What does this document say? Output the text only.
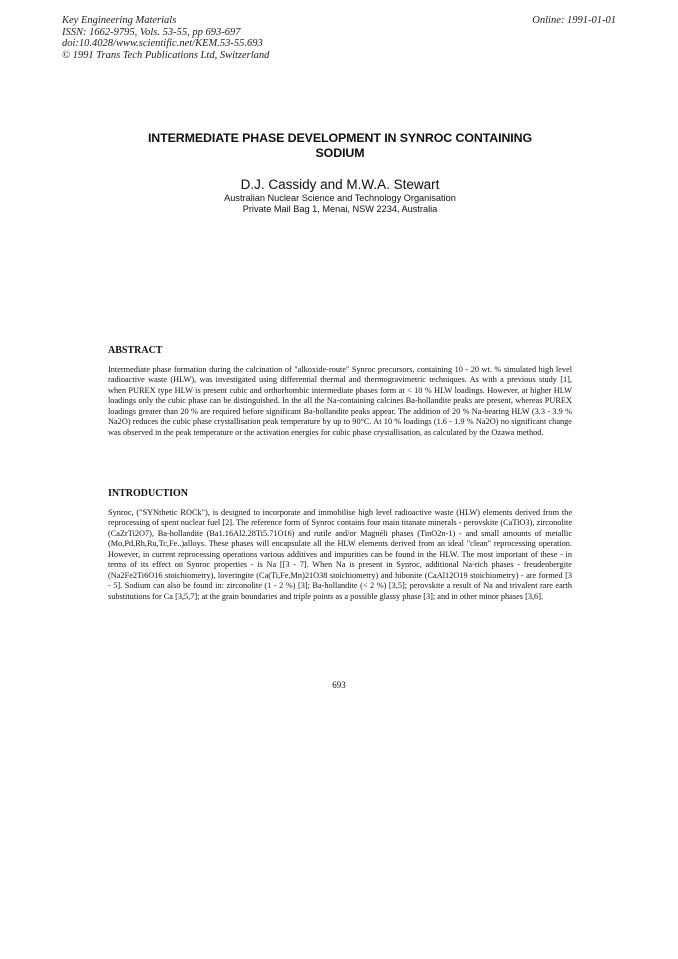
Key Engineering Materials
ISSN: 1662-9795, Vols. 53-55, pp 693-697
doi:10.4028/www.scientific.net/KEM.53-55.693
© 1991 Trans Tech Publications Ltd, Switzerland
Online: 1991-01-01
INTERMEDIATE PHASE DEVELOPMENT IN SYNROC CONTAINING
SODIUM
D.J. Cassidy and M.W.A. Stewart
Australian Nuclear Science and Technology Organisation
Private Mail Bag 1, Menai, NSW 2234, Australia
ABSTRACT
Intermediate phase formation during the calcination of "alkoxide-route" Synroc precursors, containing 10 - 20 wt. % simulated high level radioactive waste (HLW), was investigated using differential thermal and thermogravimetric techniques. As with a previous study [1], when PUREX type HLW is present cubic and orthorhombic intermediate phases form at < 10 % HLW loadings. However, at higher HLW loadings only the cubic phase can be distinguished. In the all the Na-containing calcines Ba-hollandite peaks are present, whereas PUREX loadings greater than 20 % are required before significant Ba-hollandite peaks appear. The addition of 20 % Na-bearing HLW (3.3 - 3.9 % Na2O) reduces the cubic phase crystallisation peak temperature by up to 90°C. At 10 % loadings (1.6 - 1.9 % Na2O) no significant change was observed in the peak temperature or the activation energies for cubic phase crystallisation, as calculated by the Ozawa method.
INTRODUCTION
Synroc, ("SYNthetic ROCk"), is designed to incorporate and immobilise high level radioactive waste (HLW) elements derived from the reprocessing of spent nuclear fuel [2]. The reference form of Synroc contains four main titanate minerals - perovskite (CaTiO3), zirconolite (CaZrTi2O7), Ba-hollandite (Ba1.16Al2.28Ti5.71O16) and rutile and/or Magnéli phases (TinO2n-1) - and small amounts of metallic (Mo,Pd,Rh,Ru,Tc,Fe..)alloys. These phases will encapsulate all the HLW elements derived from an ideal "clean" reprocessing operation. However, in current reprocessing operations various additives and impurities can be found in the HLW. The most important of these - in terms of its effect on Synroc properties - is Na [[3 - 7]. When Na is present in Synroc, additional Na-rich phases - freudenbergite (Na2Fe2Ti6O16 stoichiometry), loveringite (Ca(Ti,Fe,Mn)21O38 stoichiometry) and hibonite (CaAl12O19 stoichiometry) - are formed [3 - 5]. Sodium can also be found in: zirconolite (1 - 2 %) [3]; Ba-hollandite (< 2 %) [3,5]; perovskite a result of Na and trivalent rare earth substitutions for Ca [3,5,7]; at the grain boundaries and triple points as a possible glassy phase [3]; and in other minor phases [3,6].
693
